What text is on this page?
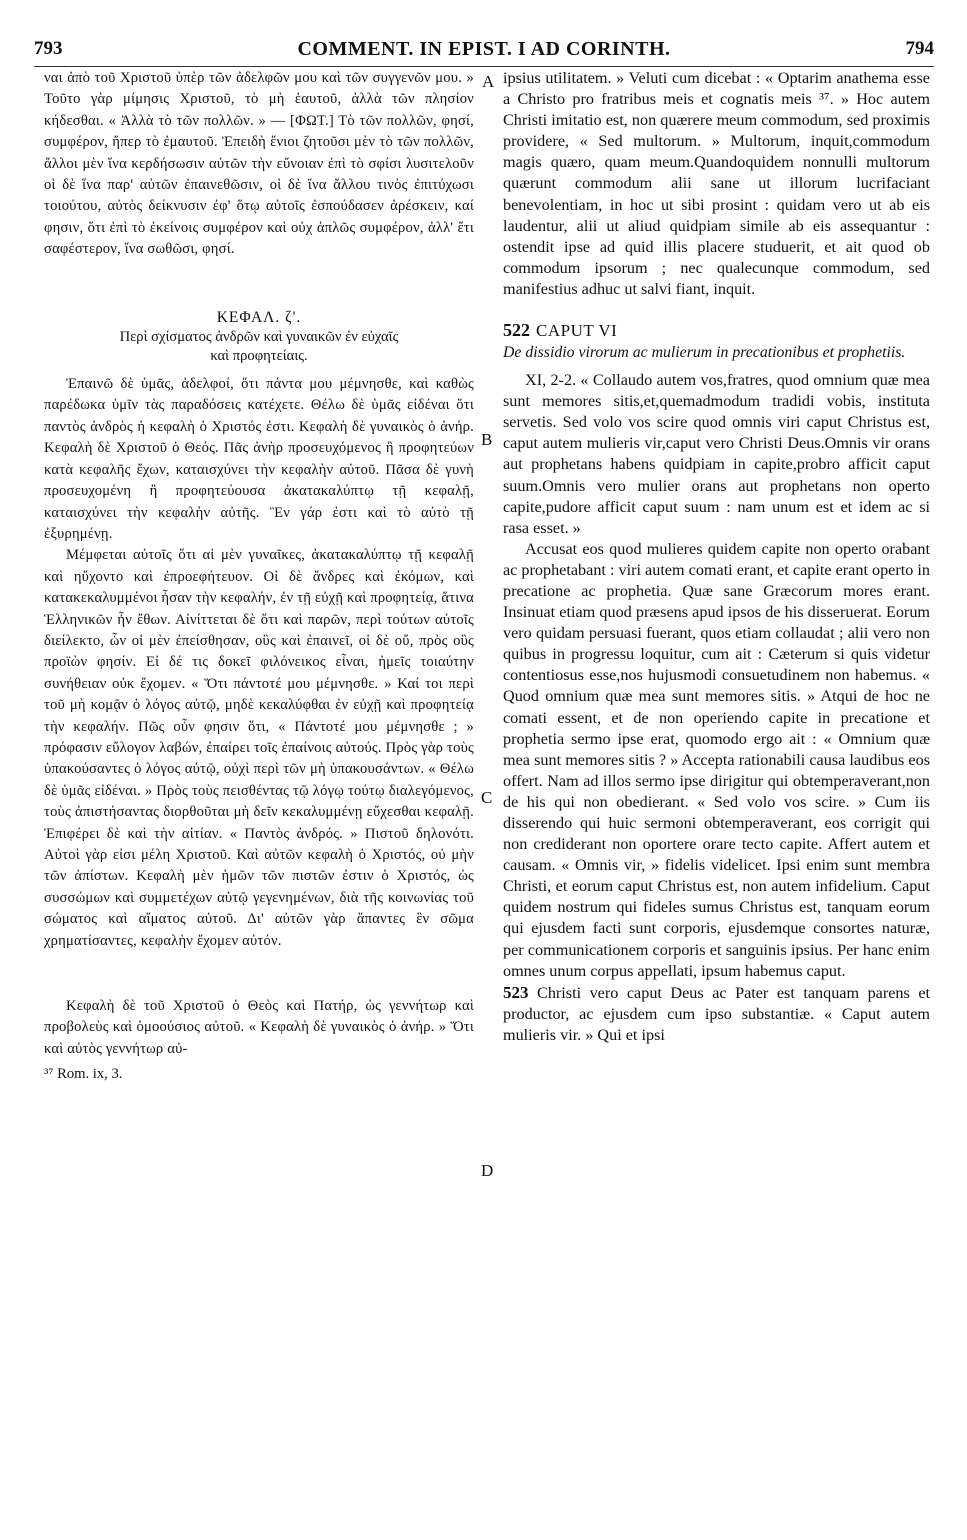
793	COMMENT. IN EPIST. I AD CORINTH.	794
A
B
C
D

ναι ἀπὸ τοῦ Χριστοῦ ὑπὲρ τῶν ἀδελφῶν μου καὶ τῶν συγγενῶν μου. » Τοῦτο γὰρ μίμησις Χριστοῦ, τὸ μὴ ἑαυτοῦ, ἀλλὰ τῶν πλησίον κήδεσθαι. « Ἀλλὰ τὸ τῶν πολλῶν. » — [ΦΩΤ.] Τὸ τῶν πολλῶν, φησί, συμφέρον, ἤπερ τὸ ἐμαυτοῦ. Ἐπειδὴ ἔνιοι ζητοῦσι μὲν τὸ τῶν πολλῶν, ἄλλοι μὲν ἵνα κερδήσωσιν αὐτῶν τὴν εὔνοιαν ἐπὶ τὸ σφίσι λυσιτελοῦν οἱ δὲ ἵνα παρ' αὐτῶν ἐπαινεθῶσιν, οἱ δὲ ἵνα ἄλλου τινὸς ἐπιτύχωσι τοιούτου, αὐτὸς δείκνυσιν ἐφ' ὅτῳ αὐτοῖς ἐσπούδασεν ἀρέσκειν, καί φησιν, ὅτι ἐπὶ τὸ ἐκείνοις συμφέρον καὶ οὐχ ἁπλῶς συμφέρον, ἀλλ' ἔτι σαφέστερον, ἵνα σωθῶσι, φησί.

ΚΕΦΑΛ. ζ'.

Περὶ σχίσματος ἀνδρῶν καὶ γυναικῶν ἐν εὐχαῖς
καὶ προφητείαις.

Ἐπαινῶ δὲ ὑμᾶς, ἀδελφοί, ὅτι πάντα μου μέμνησθε, καὶ καθὼς παρέδωκα ὑμῖν τὰς παραδόσεις κατέχετε. Θέλω δὲ ὑμᾶς εἰδέναι ὅτι παντὸς ἀνδρὸς ἡ κεφαλὴ ὁ Χριστός ἐστι. Κεφαλὴ δὲ γυναικὸς ὁ ἀνήρ. Κεφαλὴ δὲ Χριστοῦ ὁ Θεός. Πᾶς ἀνὴρ προσευχόμενος ἢ προφητεύων κατὰ κεφαλῆς ἔχων, καταισχύνει τὴν κεφαλὴν αὐτοῦ. Πᾶσα δὲ γυνὴ προσευχομένη ἢ προφητεύουσα ἀκατακαλύπτῳ τῇ κεφαλῇ, καταισχύνει τὴν κεφαλὴν αὐτῆς. Ἓν γάρ ἐστι καὶ τὸ αὐτὸ τῇ ἐξυρημένῃ.

Μέμφεται αὐτοῖς ὅτι αἱ μὲν γυναῖκες, ἀκατακαλύπτῳ τῇ κεφαλῇ καὶ ηὔχοντο καὶ ἐπροεφήτευον. Οἱ δὲ ἄνδρες καὶ ἐκόμων, καὶ κατακεκαλυμμένοι ἦσαν τὴν κεφαλήν, ἐν τῇ εὐχῇ καὶ προφητείᾳ, ἅτινα Ἑλληνικῶν ἦν ἔθων. Αἰνίττεται δὲ ὅτι καὶ παρῶν, περὶ τούτων αὐτοῖς διείλεκτο, ὧν οἱ μὲν ἐπείσθησαν, οὓς καὶ ἐπαινεῖ, οἱ δὲ οὔ, πρὸς οὓς προϊὼν φησίν. Εἰ δέ τις δοκεῖ φιλόνεικος εἶναι, ἡμεῖς τοιαύτην συνήθειαν οὐκ ἔχομεν. « Ὅτι πάντοτέ μου μέμνησθε. » Καί τοι περὶ τοῦ μὴ κομᾷν ὁ λόγος αὐτῷ, μηδὲ κεκαλύφθαι ἐν εὐχῇ καὶ προφητείᾳ τὴν κεφαλήν. Πῶς οὖν φησιν ὅτι, « Πάντοτέ μου μέμνησθε ; » πρόφασιν εὔλογον λαβών, ἐπαίρει τοῖς ἐπαίνοις αὐτούς. Πρὸς γὰρ τοὺς ὑπακούσαντες ὁ λόγος αὐτῷ, οὐχὶ περὶ τῶν μὴ ὑπακουσάντων. « Θέλω δὲ ὑμᾶς εἰδέναι. » Πρὸς τοὺς πεισθέντας τῷ λόγῳ τούτῳ διαλεγόμενος, τοὺς ἀπιστήσαντας διορθοῦται μὴ δεῖν κεκαλυμμένῃ εὔχεσθαι κεφαλῇ. Ἐπιφέρει δὲ καὶ τὴν αἰτίαν. « Παντὸς ἀνδρός. » Πιστοῦ δηλονότι. Αὐτοὶ γὰρ εἰσι μέλη Χριστοῦ. Καὶ αὐτῶν κεφαλὴ ὁ Χριστός, οὐ μὴν τῶν ἀπίστων. Κεφαλὴ μὲν ἡμῶν τῶν πιστῶν ἐστιν ὁ Χριστός, ὡς συσσώμων καὶ συμμετέχων αὐτῷ γεγενημένων, διὰ τῆς κοινωνίας τοῦ σώματος καὶ αἵματος αὐτοῦ. Δι' αὐτῶν γὰρ ἅπαντες ἓν σῶμα χρηματίσαντες, κεφαλὴν ἔχομεν αὐτόν.

Κεφαλὴ δὲ τοῦ Χριστοῦ ὁ Θεὸς καὶ Πατήρ, ὡς γεννήτωρ καὶ προβολεὺς καὶ ὁμοούσιος αὐτοῦ. « Κεφαλὴ δὲ γυναικὸς ὁ ἀνήρ. » Ὅτι καὶ αὐτὸς γεννήτωρ αὐ-

³⁷ Rom. ix, 3.

ipsius utilitatem. » Veluti cum dicebat : « Optarim anathema esse a Christo pro fratribus meis et cognatis meis ³⁷. » Hoc autem Christi imitatio est, non quærere meum commodum, sed proximis providere, « Sed multorum. » Multorum, inquit,commodum magis quæro, quam meum.Quandoquidem nonnulli multorum quærunt commodum alii sane ut illorum lucrifaciant benevolentiam, in hoc ut sibi prosint : quidam vero ut ab eis laudentur, alii ut aliud quidpiam simile ab eis assequantur : ostendit ipse ad quid illis placere studuerit, et ait quod ob commodum ipsorum ; nec qualecunque commodum, sed manifestius adhuc ut salvi fiant, inquit.

522 CAPUT VI

De dissidio virorum ac mulierum in precationibus et prophetiis.

XI, 2-2. « Collaudo autem vos,fratres, quod omnium quæ mea sunt memores sitis,et,quemadmodum tradidi vobis, instituta servetis. Sed volo vos scire quod omnis viri caput Christus est, caput autem mulieris vir,caput vero Christi Deus.Omnis vir orans aut prophetans habens quidpiam in capite,probro afficit caput suum.Omnis vero mulier orans aut prophetans non operto capite,pudore afficit caput suum : nam unum est et idem ac si rasa esset. »

Accusat eos quod mulieres quidem capite non operto orabant ac prophetabant : viri autem comati erant, et capite erant operto in precatione ac prophetia. Quæ sane Græcorum mores erant. Insinuat etiam quod præsens apud ipsos de his disseruerat. Eorum vero quidam persuasi fuerant, quos etiam collaudat ; alii vero non quibus in progressu loquitur, cum ait : Cæterum si quis videtur contentiosus esse,nos hujusmodi consuetudinem non habemus. « Quod omnium quæ mea sunt memores sitis. » Atqui de hoc ne comati essent, et de non operiendo capite in precatione et prophetia sermo ipse erat, quomodo ergo ait : « Omnium quæ mea sunt memores sitis ? » Accepta rationabili causa laudibus eos offert. Nam ad illos sermo ipse dirigitur qui obtemperaverant,non de his qui non obedierant. « Sed volo vos scire. » Cum iis disserendo qui huic sermoni obtemperaverant, eos corrigit qui non crediderant non oportere orare tecto capite. Affert autem et causam. « Omnis vir, » fidelis videlicet. Ipsi enim sunt membra Christi, et eorum caput Christus est, non autem infidelium. Caput quidem nostrum qui fideles sumus Christus est, tanquam eorum qui ejusdem facti sunt corporis, ejusdemque consortes naturæ, per communicationem corporis et sanguinis ipsius. Per hanc enim omnes unum corpus appellati, ipsum habemus caput.

523 Christi vero caput Deus ac Pater est tanquam parens et productor, ac ejusdem cum ipso substantiæ. « Caput autem mulieris vir. » Qui et ipsi
